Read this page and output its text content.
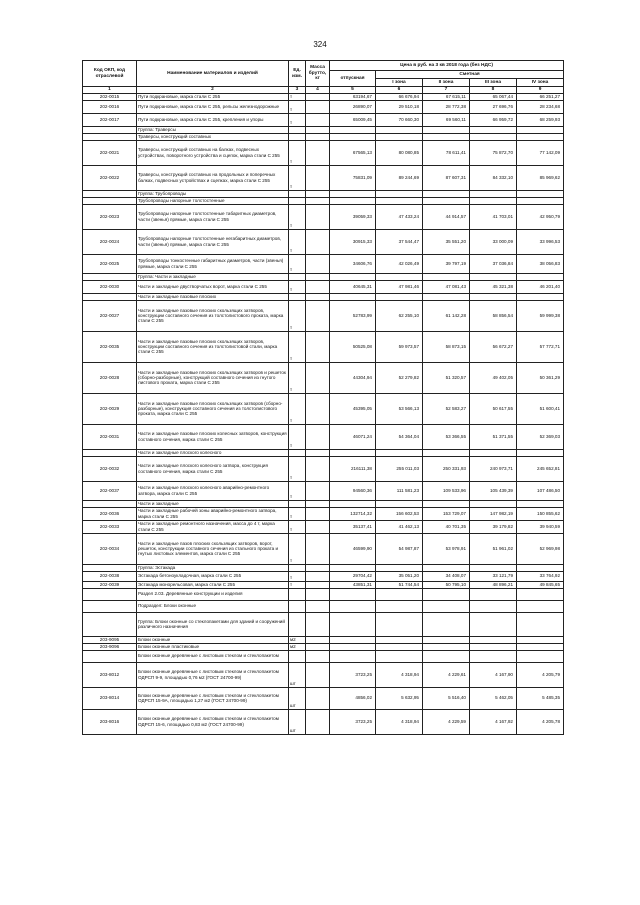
324
Код ОКП, код отраслевой	Наименование материалов и изделий	Ед. изм.	Масса брутто, кг	Цена в руб. на 3 кв 2018 года (без НДС)				
				отпускная	Сметная			
					I зона	II зона	III зона	IV зона
1	2	3	4	5	6	7	8	9
202-0015	Пути подкрановые, марка стали С 255	т		63194,67	66 676,94	67 615,11	65 067,44	66 251,27
202-0016	Пути подкрановые, марка стали С 255, рельсы железнодорожные	т		26890,07	29 510,18	28 772,38	27 696,76	28 234,68
202-0017	Пути подкрановые, марка стали С 255, крепления и упоры	т		65009,45	70 660,30	69 560,11	66 959,72	68 259,93
	Группа: Траверсы							
	Траверсы, конструкций составных							
202-0021	Траверсы, конструкций составных на балках, подвесных устройствах, поворотного устройства и сцепок, марка стали С 255	т		67565,13	80 080,85	78 611,41	75 872,70	77 142,09
202-0022	Траверсы, конструкций составных на продольных и поперечных балках, подвесных устройствах и сцепках, марка стали С 255	т		75831,09	89 244,69	87 607,31	84 332,10	85 969,62
	Группа: Трубопроводы							
	Трубопроводы напорные толстостенные							
202-0023	Трубопроводы напорные толстостенные табаритных диаметров, части (звенья) прямые, марка стали С 255	т		39059,33	47 433,24	44 914,57	41 703,01	42 950,79
202-0024	Трубопроводы напорные толстостенные негабаритных диаметров, части (звенья) прямые, марка стали С 255	т		30915,33	37 544,47	35 551,20	33 000,09	33 996,53
202-0025	Трубопроводы тонкостенные габаритных диаметров, части (звенья) прямые, марка стали С 255	т		34606,76	42 026,49	39 797,19	37 036,84	38 056,83
	Группа: Части и закладные							
202-0030	Части и закладные двустворчатых ворот, марка стали С 255	т		40645,31	47 981,46	47 081,43	45 321,38	46 201,40
	Части и закладные пазовые плоских							
202-0027	Части и закладные пазовые плоских скользящих затворов, конструкции составного сечения из толстолистового проката, марка стали С 255	т		52783,99	62 255,10	61 142,28	58 856,54	59 999,38
202-0035	Части и закладные пазовые плоских скользящих затворов, конструкции составного сечения из толстолистовой стали, марка стали С 255	т		50525,08	59 973,57	58 873,15	56 672,27	57 772,71
202-0028	Части и закладные пазовые плоских скользящих затворов и решеток (сборно-разборные), конструкций составного сечения из гнутого листового проката, марка стали С 255	т		44304,94	52 279,82	51 320,57	49 402,05	50 361,29
202-0029	Части и закладные пазовые плоских скользящих затворов (сборно-разборные), конструкция составного сечения из толстолистового проката, марка стали С 255	т		45395,05	53 566,13	52 583,27	50 617,55	51 600,41
202-0031	Части и закладные пазовые плоских колесных затворов, конструкция составного сечения, марка стали С 255	т		46071,24	54 364,04	53 366,55	51 371,55	52 369,03
	Части и закладные плоского колесного							
202-0032	Части и закладные плоского колесного затвора, конструкция составного сечения, марка стали С 255	т		216111,38	255 011,03	250 331,93	240 973,71	245 652,81
202-0037	Части и закладные плоского колесного аварийно-ремонтного затвора, марка стали С 255	т		94560,36	111 581,23	109 533,96	105 439,39	107 486,50
	Части и закладные							
202-0036	Части и закладные рабочей зоны аварийно-ремонтного затвора, марка стали С 255	т		132714,32	156 602,53	153 729,07	147 982,19	150 855,62
202-0033	Части и закладные ремонтного назначения, масса до 4 т, марка стали С 255	т		35137,41	41 462,13	40 701,35	39 179,82	39 940,59
202-0034	Части и закладные пазов плоских скользящих затворов, ворот, решеток, конструкции составного сечения из стального проката и гнутых листовых элементов, марка стали С 255	т		46599,90	54 987,87	53 978,91	51 961,02	52 969,98
	Группа: Эстакада							
202-0038	Эстакада бетоноукладочная, марка стали С 255	т		29704,42	35 051,20	34 408,07	33 121,79	33 764,92
202-0039	Эстакада монорельсовая, марка стали С 255	т		43851,31	51 744,54	50 795,10	48 896,21	49 845,65
	Раздел 2.03. Деревянные конструкции и изделия							
	Подраздел: Блоки оконные							
	Группа: Блоки оконные со стеклопакетами для зданий и сооружений различного назначения							
203-9095	Блоки оконные	м2						
203-9096	Блоки оконные пластиковые	м2						
	Блоки оконные деревянные с листовым стеклом и стеклопакетом							
203-8012	Блоки оконные деревянные с листовым стеклом и стеклопакетом ОДРСП 9-9, площадью 0,76 м2 (ГОСТ 24700-99)	шт		3723,25	4 318,94	4 229,61	4 167,90	4 205,79
203-8014	Блоки оконные деревянные с листовым стеклом и стеклопакетом ОДРСП 15-9А, площадью 1,27 м2 (ГОСТ 24700-99)	шт		4856,02	5 632,95	5 516,40	5 462,05	5 485,35
203-8016	Блоки оконные деревянные с листовым стеклом и стеклопакетом ОДРСП 15-6, площадью 0,83 м2 (ГОСТ 24700-99)	шт		3723,25	4 318,94	4 229,59	4 167,92	4 205,78
